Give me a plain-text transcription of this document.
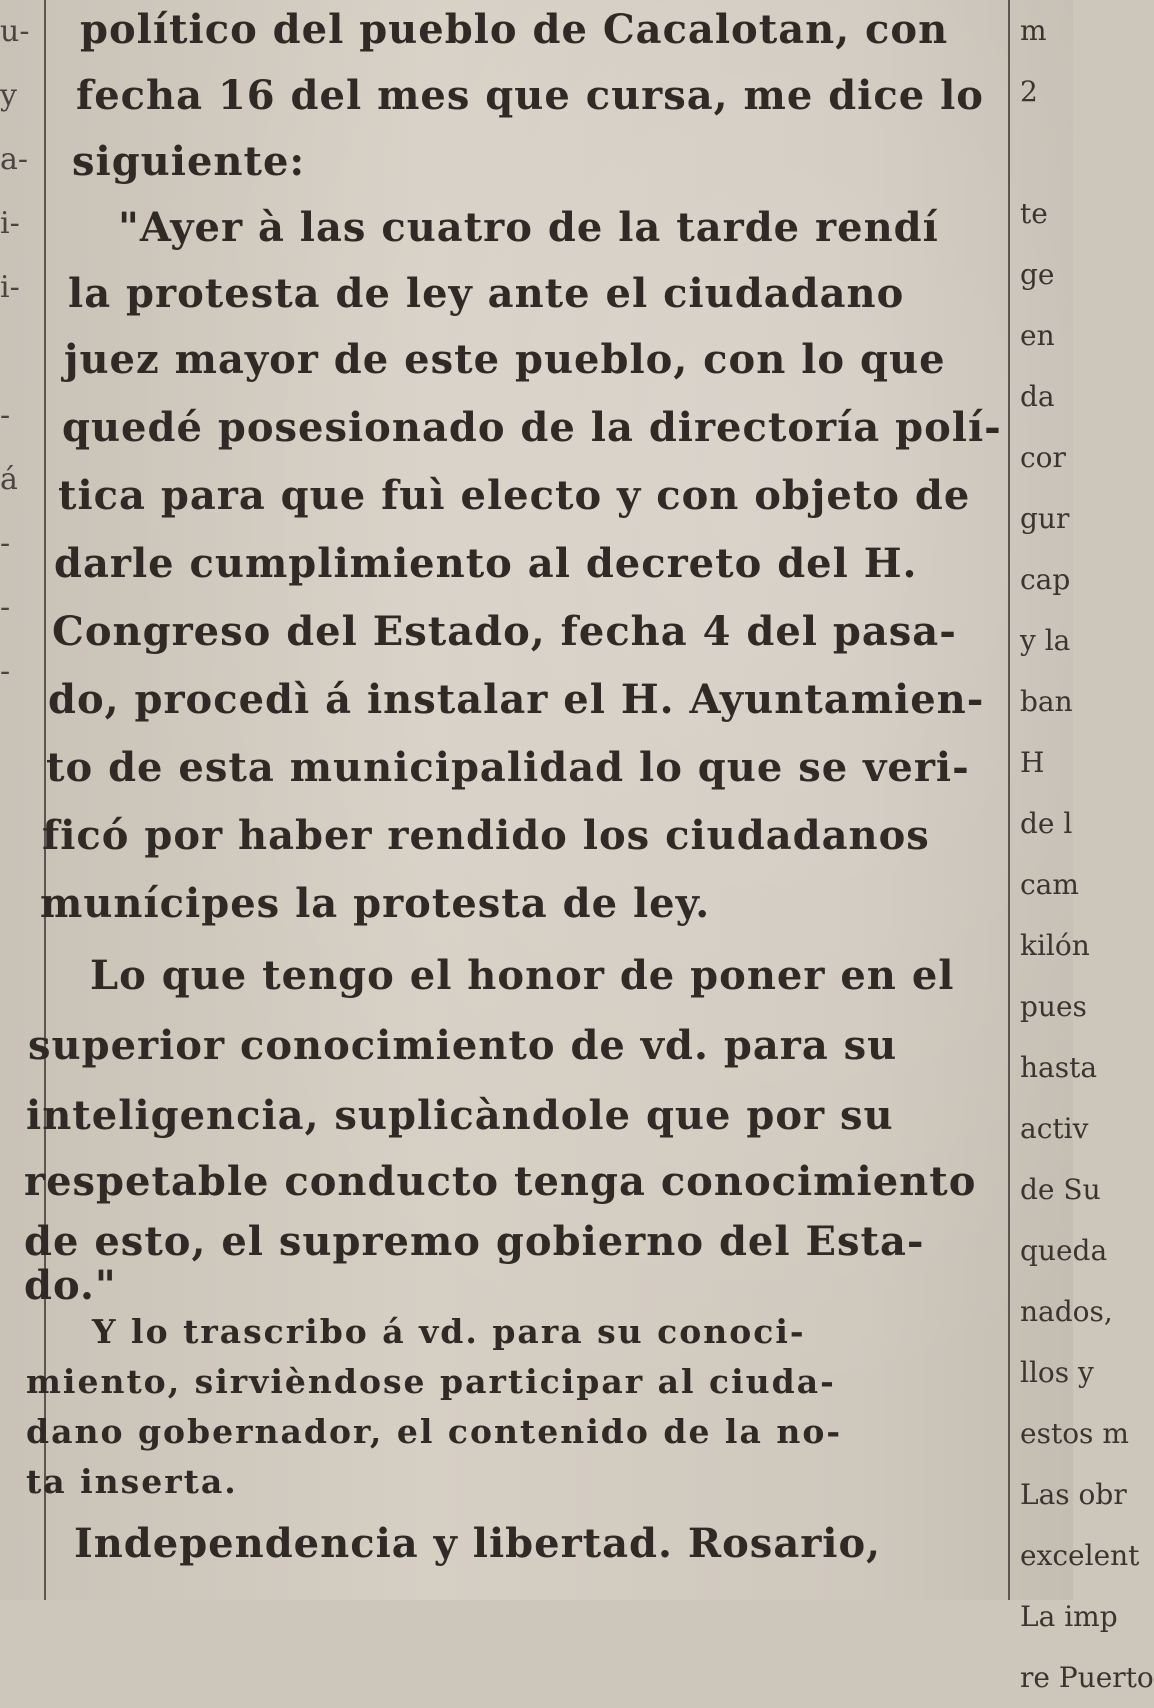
u-
y
a-
i-
i-
-
á
-
-
-
político del pueblo de Cacalotan, con
fecha 16 del mes que cursa, me dice lo
siguiente:
"Ayer à las cuatro de la tarde rendí
la protesta de ley ante el ciudadano
juez mayor de este pueblo, con lo que
quedé posesionado de la directoría polí-
tica para que fuì electo y con objeto de
darle cumplimiento al decreto del H.
Congreso del Estado, fecha 4 del pasa-
do, procedì á instalar el H. Ayuntamien-
to de esta municipalidad lo que se veri-
ficó por haber rendido los ciudadanos
munícipes la protesta de ley.
Lo que tengo el honor de poner en el
superior conocimiento de vd. para su
inteligencia, suplicàndole que por su
respetable conducto tenga conocimiento
de esto, el supremo gobierno del Esta-
do."
Y lo trascribo á vd. para su conoci-
miento, sirvièndose participar al ciuda-
dano gobernador, el contenido de la no-
ta inserta.
Independencia y libertad. Rosario,
m
2
te
ge
en
da
cor
gur
cap
y la
ban
H
de l
cam
kilón
pues
hasta
activ
de Su
queda
nados,
llos y
estos m
Las obr
excelent
La imp
re Puerto
